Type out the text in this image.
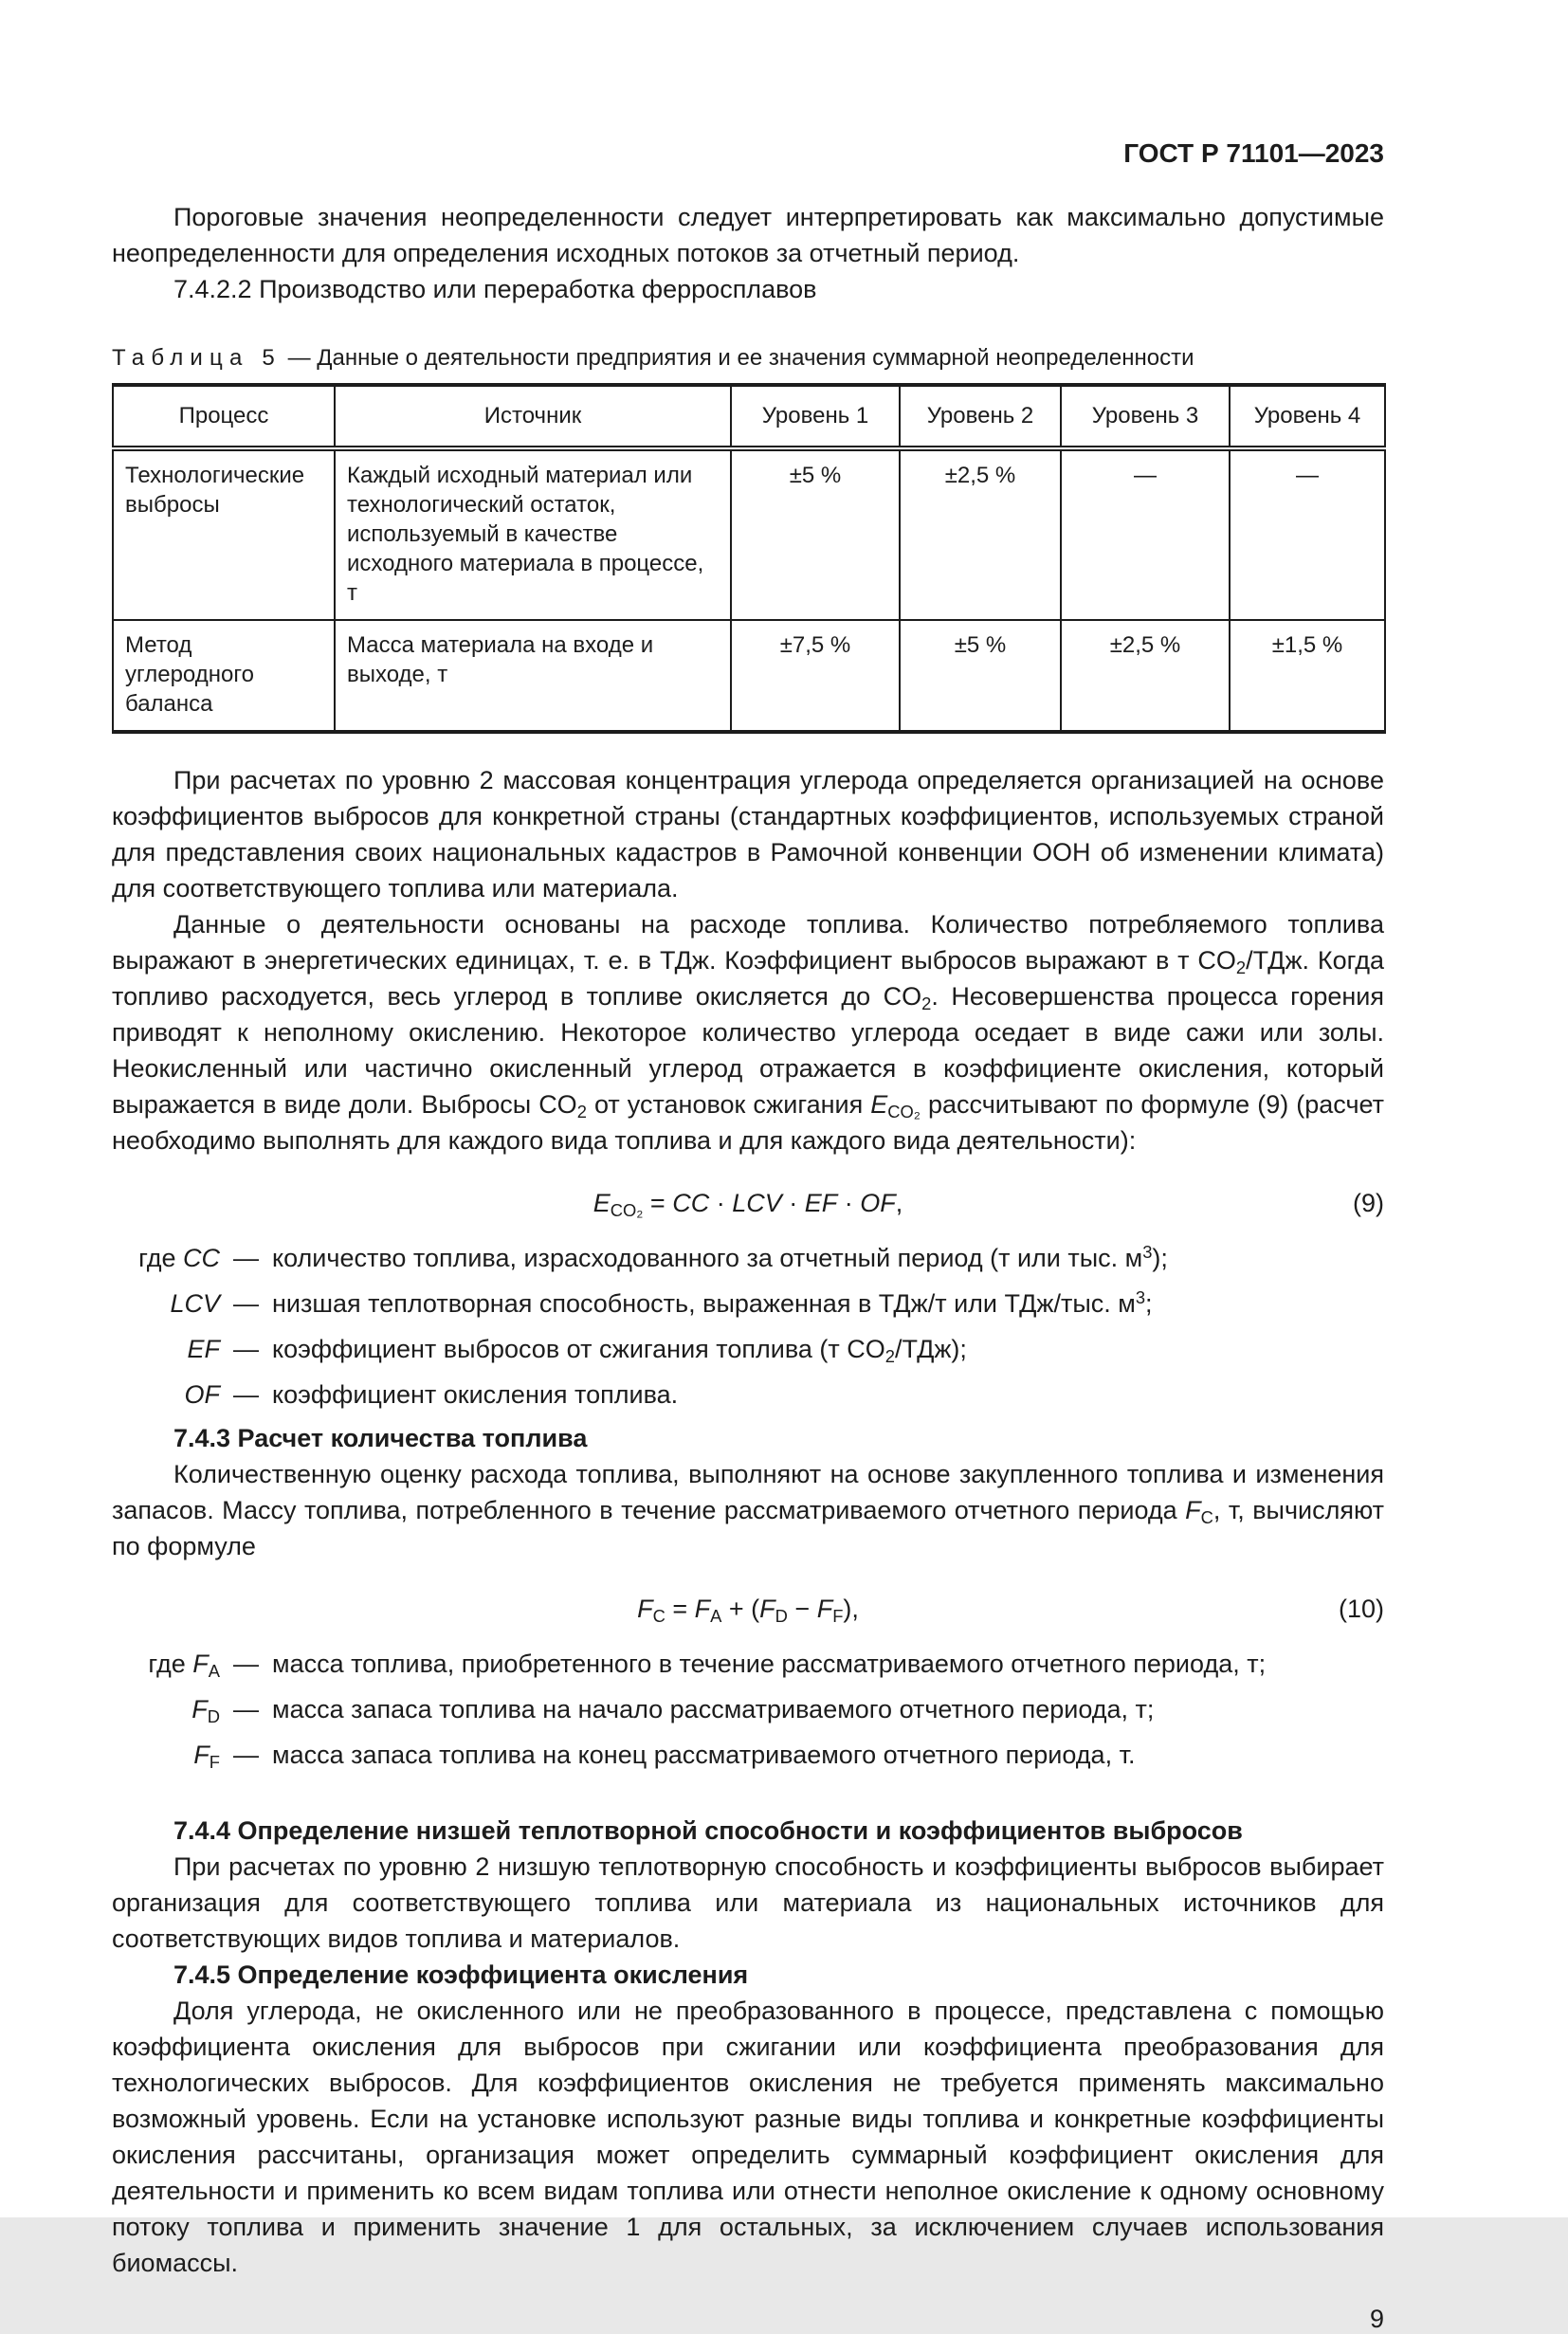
ГОСТ Р 71101—2023

Пороговые значения неопределенности следует интерпретировать как максимально допустимые неопределенности для определения исходных потоков за отчетный период.

7.4.2.2 Производство или переработка ферросплавов

Таблица 5 — Данные о деятельности предприятия и ее значения суммарной неопределенности
Процесс	Источник	Уровень 1	Уровень 2	Уровень 3	Уровень 4
Технологические выбросы	Каждый исходный материал или технологический остаток, используемый в качестве исходного материала в процессе, т	±5 %	±2,5 %	—	—
Метод углеродного баланса	Масса материала на входе и выходе, т	±7,5 %	±5 %	±2,5 %	±1,5 %

При расчетах по уровню 2 массовая концентрация углерода определяется организацией на основе коэффициентов выбросов для конкретной страны (стандартных коэффициентов, используемых страной для представления своих национальных кадастров в Рамочной конвенции ООН об изменении климата) для соответствующего топлива или материала.

Данные о деятельности основаны на расходе топлива. Количество потребляемого топлива выражают в энергетических единицах, т. е. в ТДж. Коэффициент выбросов выражают в т $CO_2$/ТДж. Когда топливо расходуется, весь углерод в топливе окисляется до $CO_2$. Несовершенства процесса горения приводят к неполному окислению. Некоторое количество углерода оседает в виде сажи или золы. Неокисленный или частично окисленный углерод отражается в коэффициенте окисления, который выражается в виде доли. Выбросы $CO_2$ от установок сжигания $E_{CO_2}$ рассчитывают по формуле (9) (расчет необходимо выполнять для каждого вида топлива и для каждого вида деятельности):

$E_{CO_2}$ = CC · LCV · EF · OF,	(9)
где CC — количество топлива, израсходованного за отчетный период (т или тыс. $м^3$);
LCV — низшая теплотворная способность, выраженная в ТДж/т или ТДж/тыс. $м^3$;
EF — коэффициент выбросов от сжигания топлива (т $CO_2/ТДж$);
OF — коэффициент окисления топлива.

7.4.3 Расчет количества топлива

Количественную оценку расхода топлива, выполняют на основе закупленного топлива и изменения запасов. Массу топлива, потребленного в течение рассматриваемого отчетного периода $F_C$, т, вычисляют по формуле

$F_C = F_A + (F_D - F_F)$,	(10)
где $F_A$ — масса топлива, приобретенного в течение рассматриваемого отчетного периода, т;
$F_D$ — масса запаса топлива на начало рассматриваемого отчетного периода, т;
$F_F$ — масса запаса топлива на конец рассматриваемого отчетного периода, т.

7.4.4 Определение низшей теплотворной способности и коэффициентов выбросов

При расчетах по уровню 2 низшую теплотворную способность и коэффициенты выбросов выбирает организация для соответствующего топлива или материала из национальных источников для соответствующих видов топлива и материалов.

7.4.5 Определение коэффициента окисления

Доля углерода, не окисленного или не преобразованного в процессе, представлена с помощью коэффициента окисления для выбросов при сжигании или коэффициента преобразования для технологических выбросов. Для коэффициентов окисления не требуется применять максимально возможный уровень. Если на установке используют разные виды топлива и конкретные коэффициенты окисления рассчитаны, организация может определить суммарный коэффициент окисления для деятельности и применить ко всем видам топлива или отнести неполное окисление к одному основному потоку топлива и применить значение 1 для остальных, за исключением случаев использования биомассы.

9
